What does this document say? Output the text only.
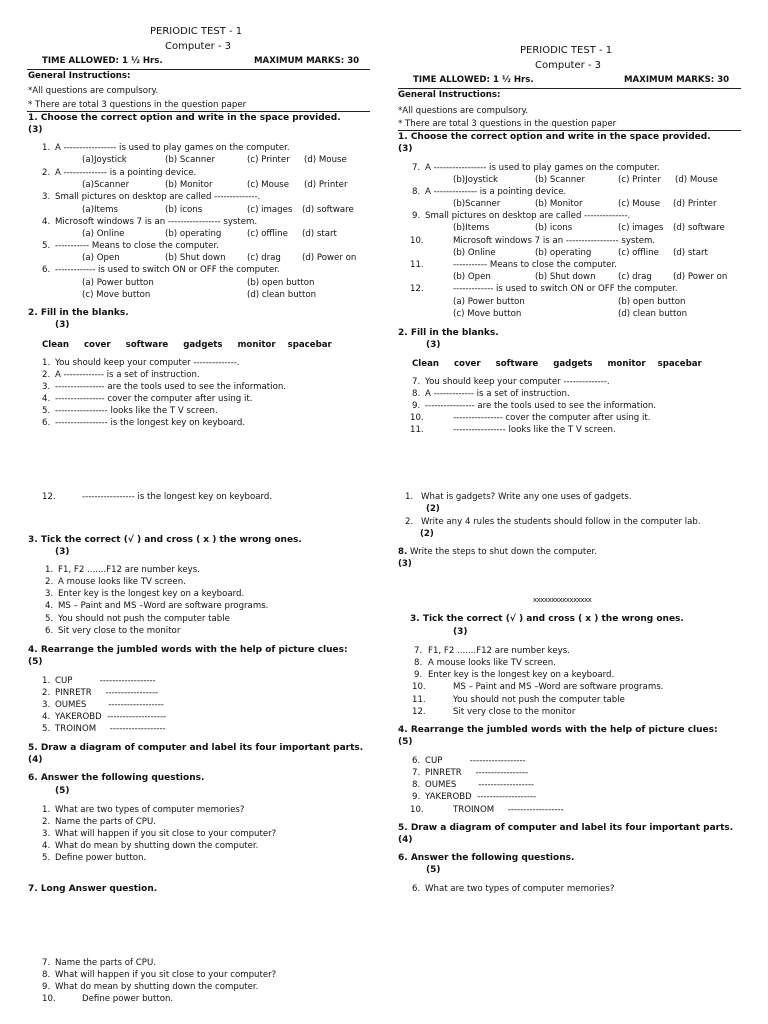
PERIODIC TEST - 1
Computer - 3
TIME ALLOWED: 1 ½ Hrs.	MAXIMUM MARKS: 30
General Instructions:
*All questions are compulsory.
* There are total 3 questions in the question paper
1. Choose the correct option and write in the space provided.
(3)
1. A ----------------- is used to play games on the computer.
(a)Joystick	(b) Scanner	(c) Printer (d) Mouse
2. A -------------- is a pointing device.
(a)Scanner	(b) Monitor	(c) Mouse (d) Printer
3. Small pictures on desktop are called --------------.
(a)Items	(b) icons	(c) images (d) software
4. Microsoft windows 7 is an ----------------- system.
(a) Online	(b) operating	(c) offline (d) start
5. ----------- Means to close the computer.
(a) Open	(b) Shut down (c) drag (d) Power on
6. ------------- is used to switch ON or OFF the computer.
(a) Power button	(b) open button
(c) Move button	(d) clean button
2. Fill in the blanks.
(3)
Clean     cover     software     gadgets     monitor    spacebar
1. You should keep your computer --------------.
2. A ------------- is a set of instruction.
3. ---------------- are the tools used to see the information.
4. ---------------- cover the computer after using it.
5. ----------------- looks like the T V screen.
6. ----------------- is the longest key on keyboard.
12.	----------------- is the longest key on keyboard.
3. Tick the correct (√ ) and cross ( x ) the wrong ones.
(3)
1. F1, F2 .......F12 are number keys.
2. A mouse looks like TV screen.
3. Enter key is the longest key on a keyboard.
4. MS – Paint and MS –Word are software programs.
5. You should not push the computer table
6. Sit very close to the monitor
4. Rearrange the jumbled words with the help of picture clues:
(5)
1. CUP          ------------------
2. PINRETR     -----------------
3. OUMES        ------------------
4. YAKEROBD  -------------------
5. TROINOM     ------------------
5. Draw a diagram of computer and label its four important parts.
(4)
6. Answer the following questions.
(5)
1. What are two types of computer memories?
2. Name the parts of CPU.
3. What will happen if you sit close to your computer?
4. What do mean by shutting down the computer.
5. Define power button.
7. Long Answer question.
7. Name the parts of CPU.
8. What will happen if you sit close to your computer?
9. What do mean by shutting down the computer.
10.	Define power button.
PERIODIC TEST - 1
Computer - 3
TIME ALLOWED: 1 ½ Hrs.	MAXIMUM MARKS: 30
General Instructions:
*All questions are compulsory.
* There are total 3 questions in the question paper
1. Choose the correct option and write in the space provided.
(3)
7. A ----------------- is used to play games on the computer.
(b)Joystick	(b) Scanner	(c) Printer (d) Mouse
8. A -------------- is a pointing device.
(b)Scanner	(b) Monitor	(c) Mouse (d) Printer
9. Small pictures on desktop are called --------------.
(b)Items	(b) icons	(c) images (d) software
10.	Microsoft windows 7 is an ----------------- system.
(b) Online	(b) operating	(c) offline (d) start
11.	----------- Means to close the computer.
(b) Open	(b) Shut down	(c) drag (d) Power on
12.	------------- is used to switch ON or OFF the computer.
(a) Power button	(b) open button
(c) Move button	(d) clean button
2. Fill in the blanks.
(3)
Clean     cover     software     gadgets     monitor    spacebar
7. You should keep your computer --------------.
8. A ------------- is a set of instruction.
9. ---------------- are the tools used to see the information.
10.	---------------- cover the computer after using it.
11.	----------------- looks like the T V screen.
1. What is gadgets? Write any one uses of gadgets.
(2)
2. Write any 4 rules the students should follow in the computer lab.
(2)
8. Write the steps to shut down the computer.
(3)
xxxxxxxxxxxxxxxx
3. Tick the correct (√ ) and cross ( x ) the wrong ones.
(3)
7. F1, F2 .......F12 are number keys.
8. A mouse looks like TV screen.
9. Enter key is the longest key on a keyboard.
10.	MS – Paint and MS –Word are software programs.
11.	You should not push the computer table
12.	Sit very close to the monitor
4. Rearrange the jumbled words with the help of picture clues:
(5)
6. CUP          ------------------
7. PINRETR     -----------------
8. OUMES        ------------------
9. YAKEROBD  -------------------
10.	TROINOM     ------------------
5. Draw a diagram of computer and label its four important parts.
(4)
6. Answer the following questions.
(5)
6. What are two types of computer memories?
